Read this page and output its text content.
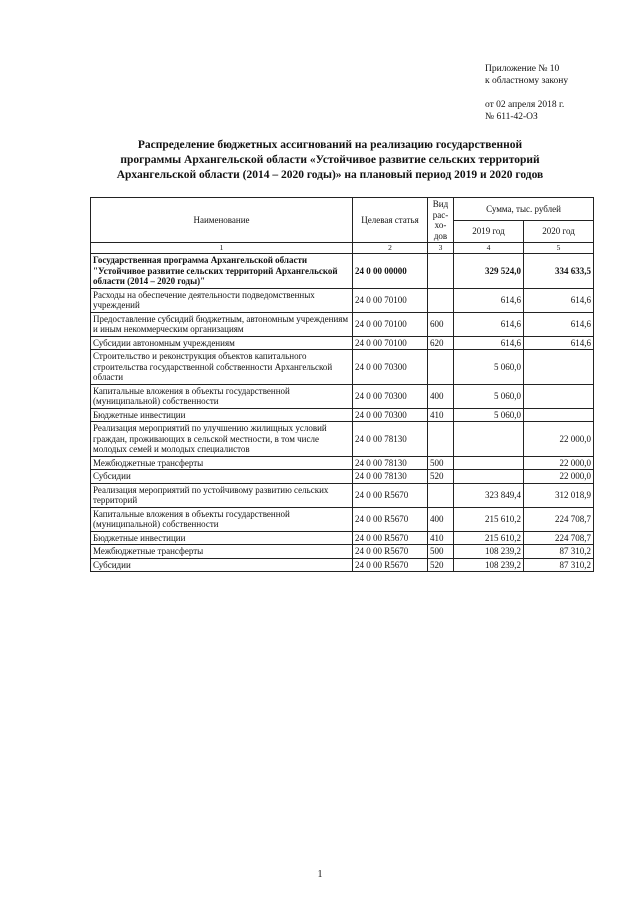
Приложение № 10
к областному закону
от 02 апреля 2018 г.
№ 611-42-ОЗ
Распределение бюджетных ассигнований на реализацию государственной
программы Архангельской области «Устойчивое развитие сельских территорий
Архангельской области (2014 – 2020 годы)» на плановый период 2019 и 2020 годов
Наименование	Целевая статья	Вид рас-хо-дов	Сумма, тыс. рублей	
			2019 год	2020 год
1	2	3	4	5
Государственная программа Архангельской области "Устойчивое развитие сельских территорий Архангельской области (2014 – 2020 годы)"	24 0 00 00000		329 524,0	334 633,5
Расходы на обеспечение деятельности подведомственных учреждений	24 0 00 70100		614,6	614,6
Предоставление субсидий бюджетным, автономным учреждениям и иным некоммерческим организациям	24 0 00 70100	600	614,6	614,6
Субсидии автономным учреждениям	24 0 00 70100	620	614,6	614,6
Строительство и реконструкция объектов капитального строительства государственной собственности Архангельской области	24 0 00 70300		5 060,0	
Капитальные вложения в объекты государственной (муниципальной) собственности	24 0 00 70300	400	5 060,0	
Бюджетные инвестиции	24 0 00 70300	410	5 060,0	
Реализация мероприятий по улучшению жилищных условий граждан, проживающих в сельской местности, в том числе молодых семей и молодых специалистов	24 0 00 78130			22 000,0
Межбюджетные трансферты	24 0 00 78130	500		22 000,0
Субсидии	24 0 00 78130	520		22 000,0
Реализация мероприятий по устойчивому развитию сельских территорий	24 0 00 R5670		323 849,4	312 018,9
Капитальные вложения в объекты государственной (муниципальной) собственности	24 0 00 R5670	400	215 610,2	224 708,7
Бюджетные инвестиции	24 0 00 R5670	410	215 610,2	224 708,7
Межбюджетные трансферты	24 0 00 R5670	500	108 239,2	87 310,2
Субсидии	24 0 00 R5670	520	108 239,2	87 310,2
1
